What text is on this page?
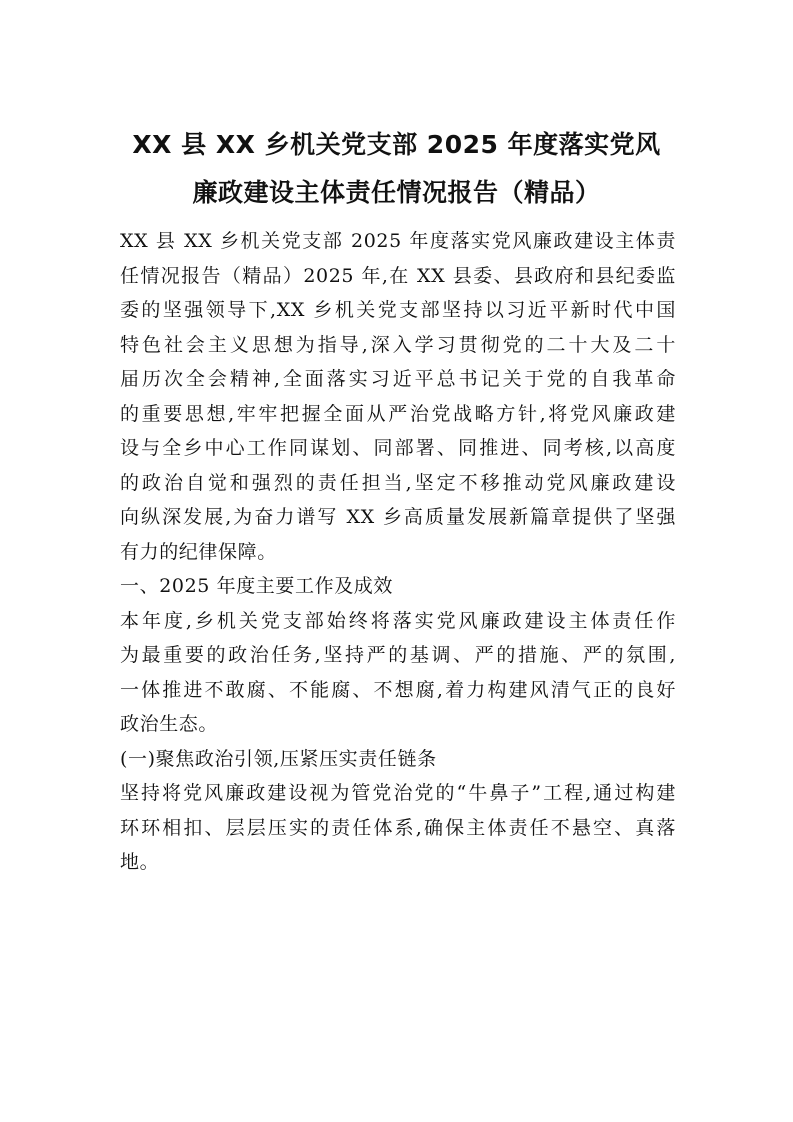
XX 县 XX 乡机关党支部 2025 年度落实党风
廉政建设主体责任情况报告（精品）
XX 县 XX 乡机关党支部 2025 年度落实党风廉政建设主体责
任情况报告（精品）2025 年,在 XX 县委、县政府和县纪委监
委的坚强领导下,XX 乡机关党支部坚持以习近平新时代中国
特色社会主义思想为指导,深入学习贯彻党的二十大及二十
届历次全会精神,全面落实习近平总书记关于党的自我革命
的重要思想,牢牢把握全面从严治党战略方针,将党风廉政建
设与全乡中心工作同谋划、同部署、同推进、同考核,以高度
的政治自觉和强烈的责任担当,坚定不移推动党风廉政建设
向纵深发展,为奋力谱写 XX 乡高质量发展新篇章提供了坚强
有力的纪律保障。
一、2025 年度主要工作及成效
本年度,乡机关党支部始终将落实党风廉政建设主体责任作
为最重要的政治任务,坚持严的基调、严的措施、严的氛围,
一体推进不敢腐、不能腐、不想腐,着力构建风清气正的良好
政治生态。
(一)聚焦政治引领,压紧压实责任链条
坚持将党风廉政建设视为管党治党的“牛鼻子”工程,通过构建
环环相扣、层层压实的责任体系,确保主体责任不悬空、真落
地。
